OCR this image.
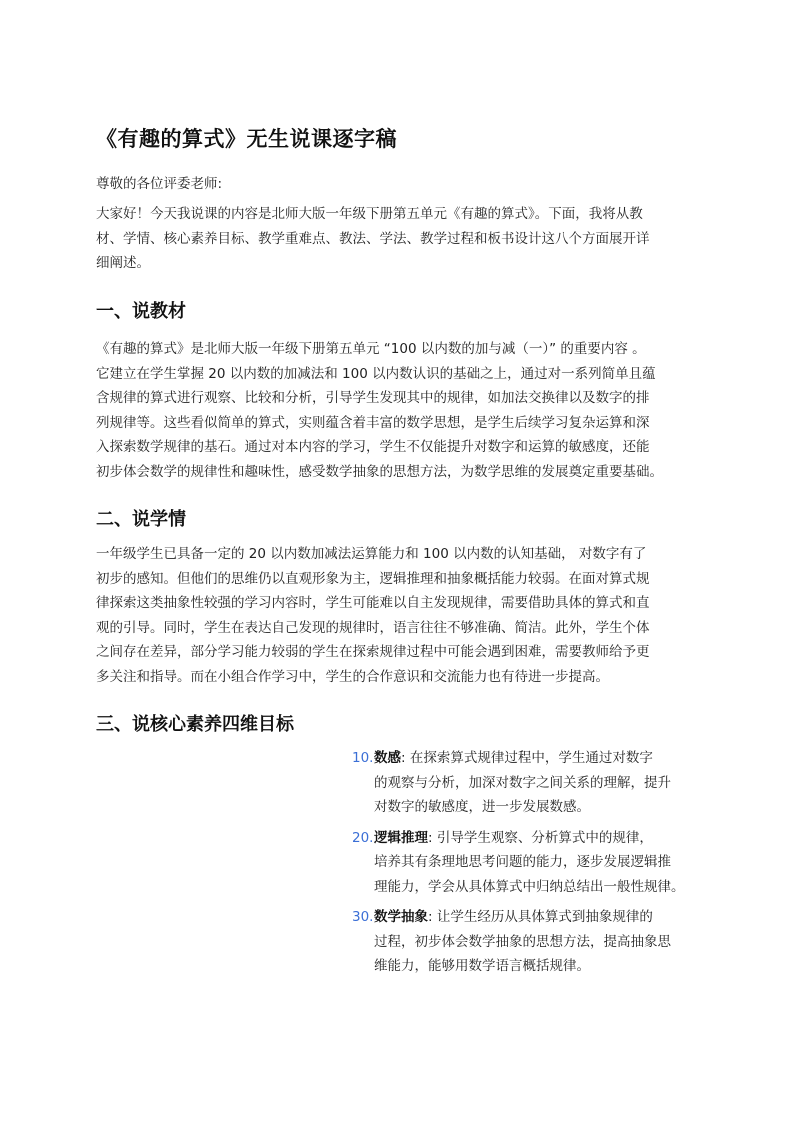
《有趣的算式》无生说课逐字稿
尊敬的各位评委老师:
大家好！今天我说课的内容是北师大版一年级下册第五单元《有趣的算式》。下面，我将从教
材、学情、核心素养目标、教学重难点、教法、学法、教学过程和板书设计这八个方面展开详
细阐述。
一、说教材
《有趣的算式》是北师大版一年级下册第五单元 “100 以内数的加与减（一）” 的重要内容 。
它建立在学生掌握 20 以内数的加减法和 100 以内数认识的基础之上，通过对一系列简单且蕴
含规律的算式进行观察、比较和分析，引导学生发现其中的规律，如加法交换律以及数字的排
列规律等。这些看似简单的算式，实则蕴含着丰富的数学思想，是学生后续学习复杂运算和深
入探索数学规律的基石。通过对本内容的学习，学生不仅能提升对数字和运算的敏感度，还能
初步体会数学的规律性和趣味性，感受数学抽象的思想方法，为数学思维的发展奠定重要基础。
二、说学情
一年级学生已具备一定的 20 以内数加减法运算能力和 100 以内数的认知基础， 对数字有了
初步的感知。但他们的思维仍以直观形象为主，逻辑推理和抽象概括能力较弱。在面对算式规
律探索这类抽象性较强的学习内容时，学生可能难以自主发现规律，需要借助具体的算式和直
观的引导。同时，学生在表达自己发现的规律时，语言往往不够准确、简洁。此外，学生个体
之间存在差异，部分学习能力较弱的学生在探索规律过程中可能会遇到困难，需要教师给予更
多关注和指导。而在小组合作学习中，学生的合作意识和交流能力也有待进一步提高。
三、说核心素养四维目标
10. 数感: 在探索算式规律过程中，学生通过对数字
的观察与分析，加深对数字之间关系的理解，提升
对数字的敏感度，进一步发展数感。
20. 逻辑推理: 引导学生观察、分析算式中的规律，
培养其有条理地思考问题的能力，逐步发展逻辑推
理能力，学会从具体算式中归纳总结出一般性规律。
30. 数学抽象: 让学生经历从具体算式到抽象规律的
过程，初步体会数学抽象的思想方法，提高抽象思
维能力，能够用数学语言概括规律。
